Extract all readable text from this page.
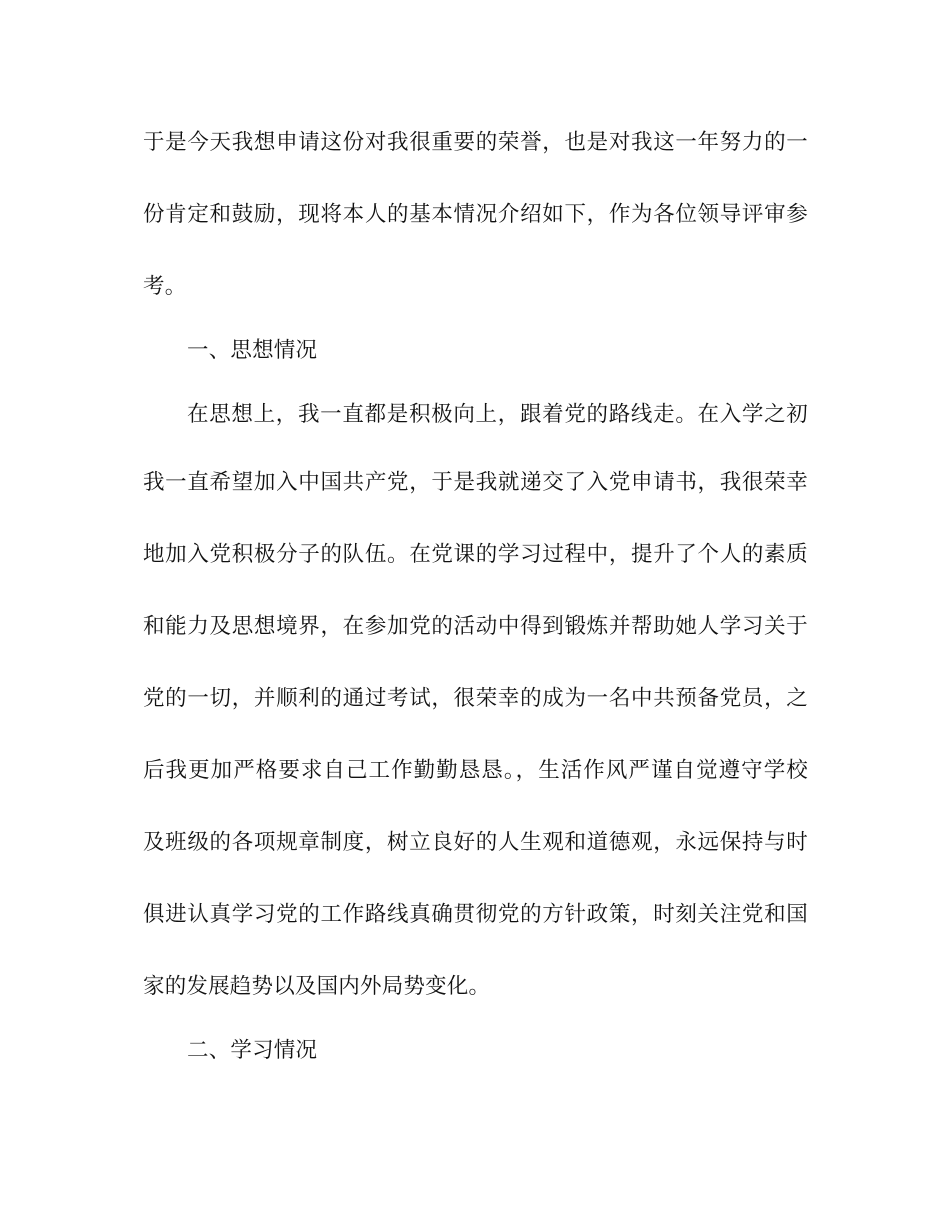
于是今天我想申请这份对我很重要的荣誉，也是对我这一年努力的一
份肯定和鼓励，现将本人的基本情况介绍如下，作为各位领导评审参
考。
一、思想情况
在思想上，我一直都是积极向上，跟着党的路线走。在入学之初
我一直希望加入中国共产党，于是我就递交了入党申请书，我很荣幸
地加入党积极分子的队伍。在党课的学习过程中，提升了个人的素质
和能力及思想境界，在参加党的活动中得到锻炼并帮助她人学习关于
党的一切，并顺利的通过考试，很荣幸的成为一名中共预备党员，之
后我更加严格要求自己工作勤勤恳恳。，生活作风严谨自觉遵守学校
及班级的各项规章制度，树立良好的人生观和道德观，永远保持与时
俱进认真学习党的工作路线真确贯彻党的方针政策，时刻关注党和国
家的发展趋势以及国内外局势变化。
二、学习情况
